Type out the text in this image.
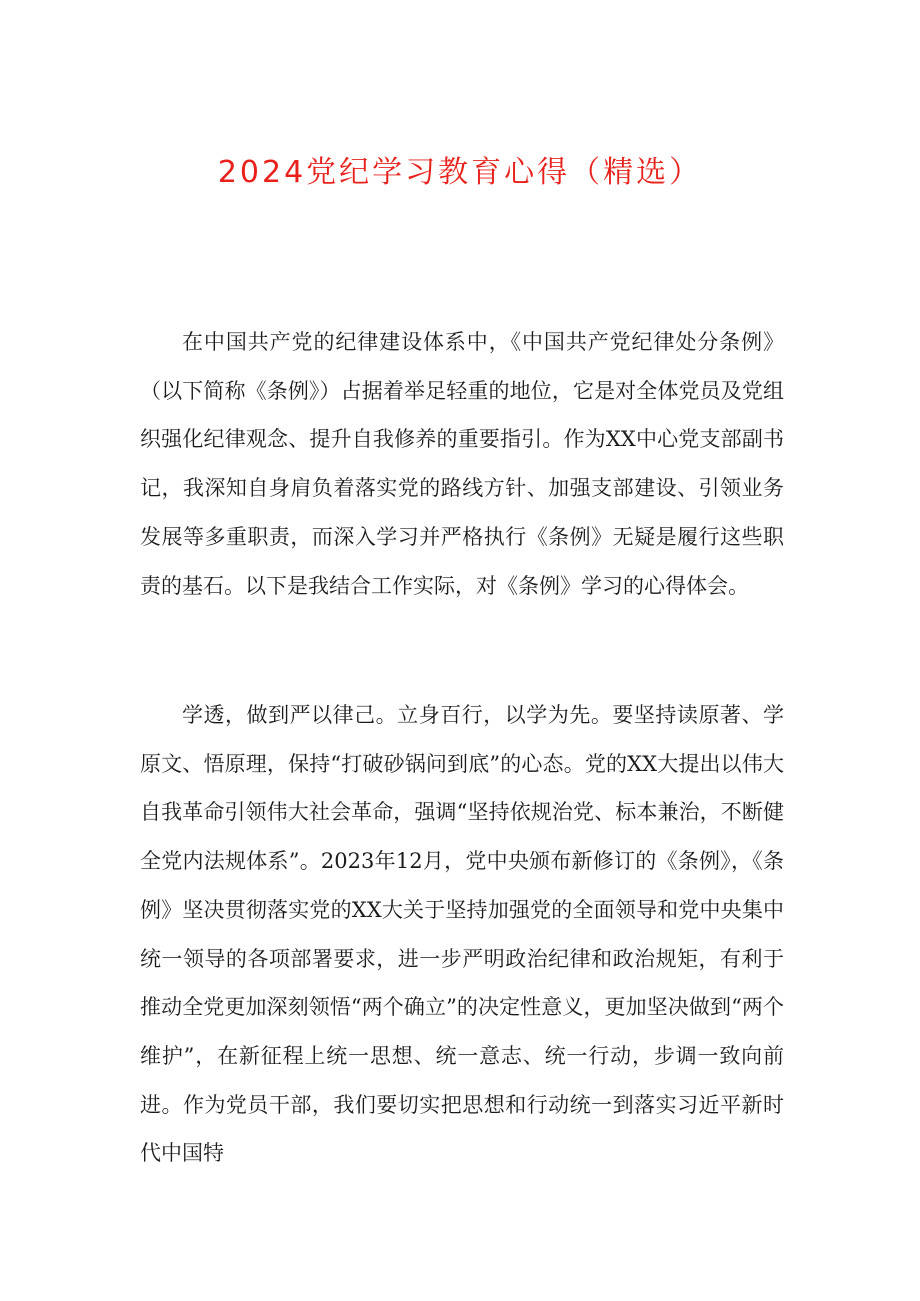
2024党纪学习教育心得（精选）

在中国共产党的纪律建设体系中，《中国共产党纪律处分条例》（以下简称《条例》）占据着举足轻重的地位，它是对全体党员及党组织强化纪律观念、提升自我修养的重要指引。作为XX中心党支部副书记，我深知自身肩负着落实党的路线方针、加强支部建设、引领业务发展等多重职责，而深入学习并严格执行《条例》无疑是履行这些职责的基石。以下是我结合工作实际，对《条例》学习的心得体会。

学透，做到严以律己。立身百行，以学为先。要坚持读原著、学原文、悟原理，保持“打破砂锅问到底”的心态。党的XX大提出以伟大自我革命引领伟大社会革命，强调“坚持依规治党、标本兼治，不断健全党内法规体系”。2023年12月，党中央颁布新修订的《条例》，《条例》坚决贯彻落实党的XX大关于坚持加强党的全面领导和党中央集中统一领导的各项部署要求，进一步严明政治纪律和政治规矩，有利于推动全党更加深刻领悟“两个确立”的决定性意义，更加坚决做到“两个维护”，在新征程上统一思想、统一意志、统一行动，步调一致向前进。作为党员干部，我们要切实把思想和行动统一到落实习近平新时代中国特
